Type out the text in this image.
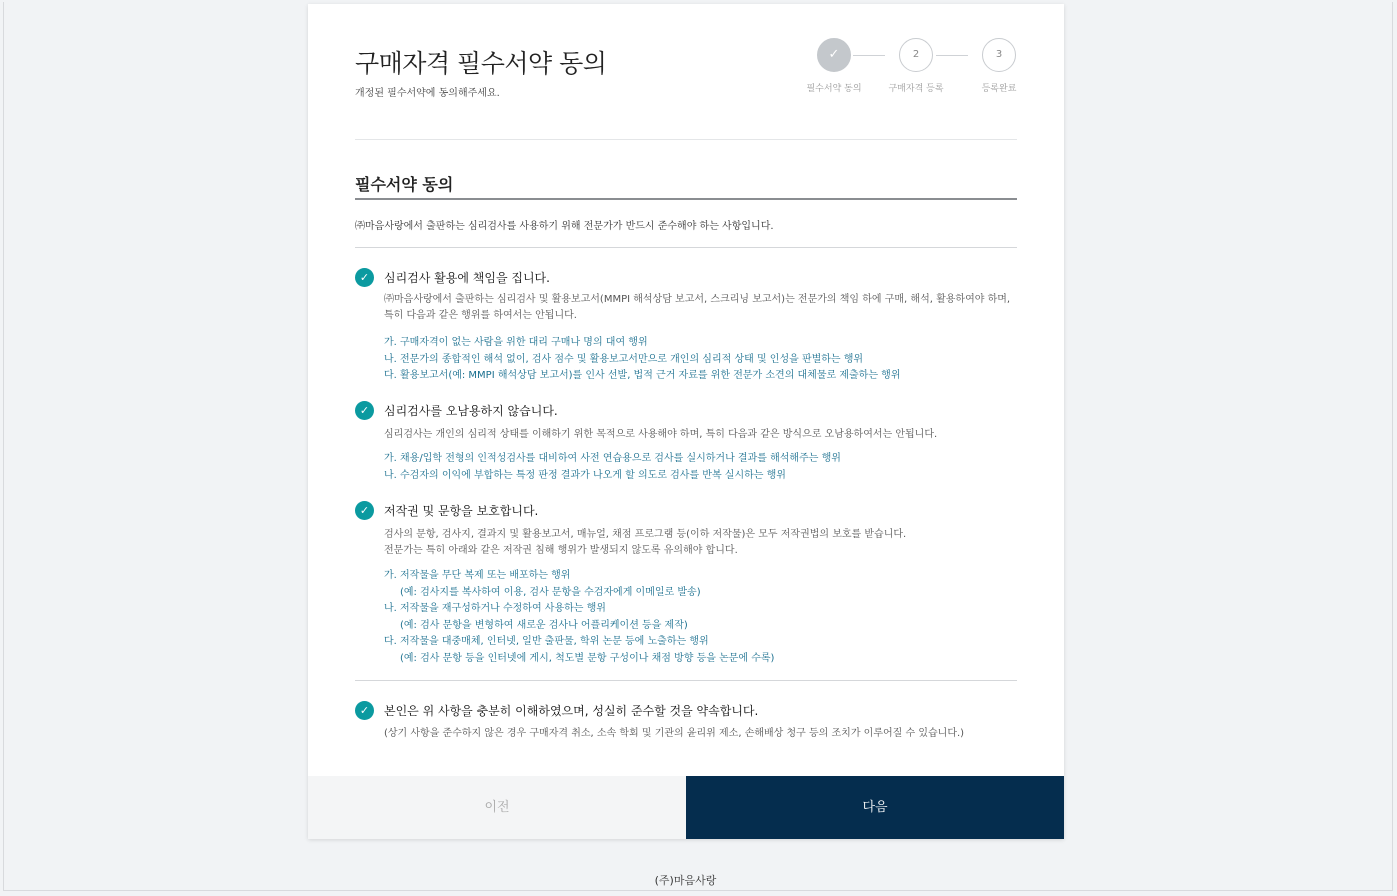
구매자격 필수서약 동의

개정된 필수서약에 동의해주세요.

✓
필수서약 동의
2
구매자격 등록
3
등록완료
필수서약 동의

㈜마음사랑에서 출판하는 심리검사를 사용하기 위해 전문가가 반드시 준수해야 하는 사항입니다.

✓	심리검사 활용에 책임을 집니다.
㈜마음사랑에서 출판하는 심리검사 및 활용보고서(MMPI 해석상담 보고서, 스크리닝 보고서)는 전문가의 책임 하에 구매, 해석, 활용하여야 하며, 특히 다음과 같은 행위를 하여서는 안됩니다.
가. 구매자격이 없는 사람을 위한 대리 구매나 명의 대여 행위
나. 전문가의 종합적인 해석 없이, 검사 점수 및 활용보고서만으로 개인의 심리적 상태 및 인성을 판별하는 행위
다. 활용보고서(예: MMPI 해석상담 보고서)를 인사 선발, 법적 근거 자료를 위한 전문가 소견의 대체물로 제출하는 행위
✓	심리검사를 오남용하지 않습니다.
심리검사는 개인의 심리적 상태를 이해하기 위한 목적으로 사용해야 하며, 특히 다음과 같은 방식으로 오남용하여서는 안됩니다.
가. 채용/입학 전형의 인적성검사를 대비하여 사전 연습용으로 검사를 실시하거나 결과를 해석해주는 행위
나. 수검자의 이익에 부합하는 특정 판정 결과가 나오게 할 의도로 검사를 반복 실시하는 행위
✓	저작권 및 문항을 보호합니다.
검사의 문항, 검사지, 결과지 및 활용보고서, 매뉴얼, 채점 프로그램 등(이하 저작물)은 모두 저작권법의 보호를 받습니다.
전문가는 특히 아래와 같은 저작권 침해 행위가 발생되지 않도록 유의해야 합니다.
가. 저작물을 무단 복제 또는 배포하는 행위
(예: 검사지를 복사하여 이용, 검사 문항을 수검자에게 이메일로 발송)
나. 저작물을 재구성하거나 수정하여 사용하는 행위
(예: 검사 문항을 변형하여 새로운 검사나 어플리케이션 등을 제작)
다. 저작물을 대중매체, 인터넷, 일반 출판물, 학위 논문 등에 노출하는 행위
(예: 검사 문항 등을 인터넷에 게시, 척도별 문항 구성이나 채점 방향 등을 논문에 수록)
✓	본인은 위 사항을 충분히 이해하였으며, 성실히 준수할 것을 약속합니다.
(상기 사항을 준수하지 않은 경우 구매자격 취소, 소속 학회 및 기관의 윤리위 제소, 손해배상 청구 등의 조치가 이루어질 수 있습니다.)
이전	다음
(주)마음사랑
